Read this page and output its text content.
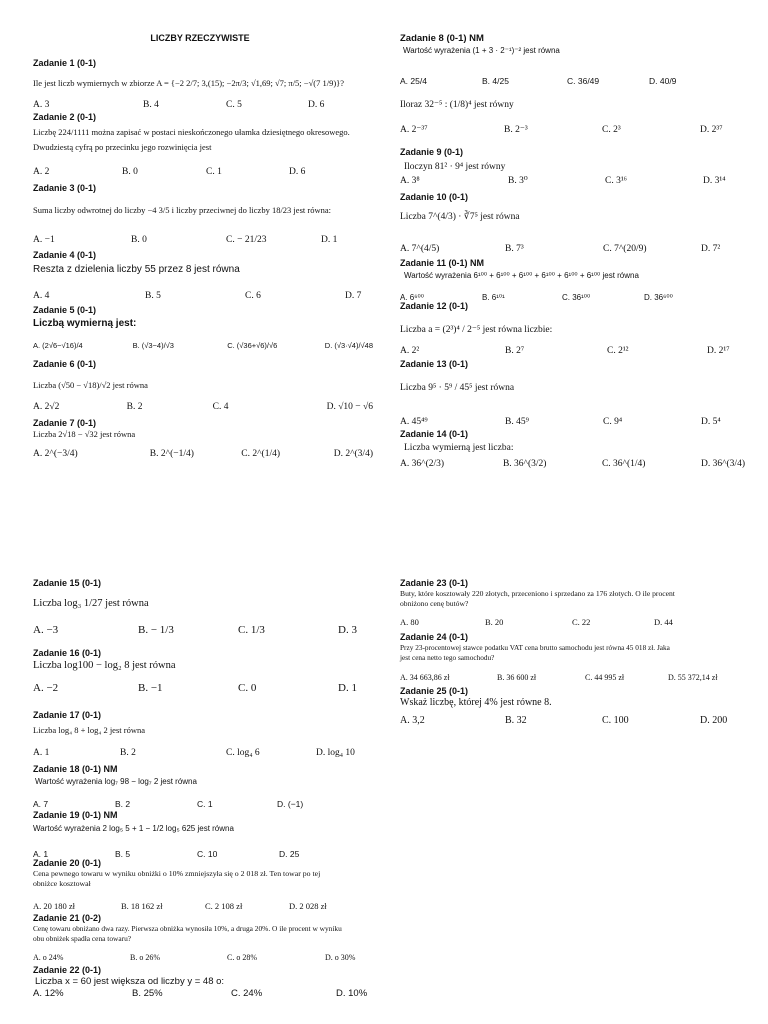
LICZBY RZECZYWISTE
Zadanie 1 (0-1)
Ile jest liczb wymiernych w zbiorze A = {−2 2/7; 3,(15); −2π/3; √1,69; √7; π/5; −√(7 1/9)}?
A. 3	B. 4	C. 5	D. 6
Zadanie 2 (0-1)
Liczbę 224/1111 można zapisać w postaci nieskończonego ułamka dziesiętnego okresowego.
Dwudziestą cyfrą po przecinku jego rozwinięcia jest
A. 2	B. 0	C. 1	D. 6
Zadanie 3 (0-1)
Suma liczby odwrotnej do liczby −4 3/5 i liczby przeciwnej do liczby 18/23 jest równa:
A. −1	B. 0	C. − 21/23	D. 1
Zadanie 4 (0-1)
Reszta z dzielenia liczby 55 przez 8 jest równa
A. 4	B. 5	C. 6	D. 7
Zadanie 5 (0-1)
Liczbą wymierną jest:
A. (2√6−√16)/4	B. (√3−4)/√3	C. (√36+√6)/√6	D. (√3·√4)/√48
Zadanie 6 (0-1)
Liczba (√50 − √18)/√2 jest równa
A. 2√2	B. 2	C. 4	D. √10 − √6
Zadanie 7 (0-1)
Liczba 2√18 − √32 jest równa
A. 2^(−3/4)	B. 2^(−1/4)	C. 2^(1/4)	D. 2^(3/4)
Zadanie 8 (0-1) NM
Wartość wyrażenia (1 + 3 · 2⁻¹)⁻² jest równa
A. 25/4	B. 4/25	C. 36/49	D. 40/9
Iloraz 32⁻⁵ : (1/8)⁴ jest równy
A. 2⁻³⁷	B. 2⁻³	C. 2³	D. 2³⁷
Zadanie 9 (0-1)
Iloczyn 81² · 9⁴ jest równy
A. 3⁸	B. 3⁰	C. 3¹⁶	D. 3¹⁴
Zadanie 10 (0-1)
Liczba 7^(4/3) · ∛7⁵ jest równa
A. 7^(4/5)	B. 7³	C. 7^(20/9)	D. 7²
Zadanie 11 (0-1) NM
Wartość wyrażenia 6¹⁰⁰ + 6¹⁰⁰ + 6¹⁰⁰ + 6¹⁰⁰ + 6¹⁰⁰ + 6¹⁰⁰ jest równa
A. 6⁶⁰⁰	B. 6¹⁰¹	C. 36¹⁰⁰	D. 36⁶⁰⁰
Zadanie 12 (0-1)
Liczba a = (2³)⁴ / 2⁻⁵ jest równa liczbie:
A. 2²	B. 2⁷	C. 2¹²	D. 2¹⁷
Zadanie 13 (0-1)
Liczba 9⁵ · 5⁹ / 45⁵ jest równa
A. 45⁴⁹	B. 45⁹	C. 9⁴	D. 5⁴
Zadanie 14 (0-1)
Liczba wymierną jest liczba:
A. 36^(2/3)	B. 36^(3/2)	C. 36^(1/4)	D. 36^(3/4)
Zadanie 15 (0-1)
Liczba log₃ 1/27 jest równa
A. −3	B. − 1/3	C. 1/3	D. 3
Zadanie 16 (0-1)
Liczba log100 − log₂ 8 jest równa
A. −2	B. −1	C. 0	D. 1
Zadanie 17 (0-1)
Liczba log₄ 8 + log₄ 2 jest równa
A. 1	B. 2	C. log₄ 6	D. log₄ 10
Zadanie 18 (0-1) NM
Wartość wyrażenia log₇ 98 − log₇ 2 jest równa
A. 7	B. 2	C. 1	D. (−1)
Zadanie 19 (0-1) NM
Wartość wyrażenia 2 log₅ 5 + 1 − 1/2 log₅ 625 jest równa
A. 1	B. 5	C. 10	D. 25
Zadanie 20 (0-1)
Cena pewnego towaru w wyniku obniżki o 10% zmniejszyła się o 2 018 zł. Ten towar po tej
obniżce kosztował
A. 20 180 zł	B. 18 162 zł	C. 2 108 zł	D. 2 028 zł
Zadanie 21 (0-2)
Cenę towaru obniżano dwa razy. Pierwsza obniżka wynosiła 10%, a druga 20%. O ile procent w wyniku
obu obniżek spadła cena towaru?
A. o 24%	B. o 26%	C. o 28%	D. o 30%
Zadanie 22 (0-1)
Liczba x = 60 jest większa od liczby y = 48 o:
A. 12%	B. 25%	C. 24%	D. 10%
Zadanie 23 (0-1)
Buty, które kosztowały 220 złotych, przeceniono i sprzedano za 176 złotych. O ile procent
obniżono cenę butów?
A. 80	B. 20	C. 22	D. 44
Zadanie 24 (0-1)
Przy 23-procentowej stawce podatku VAT cena brutto samochodu jest równa 45 018 zł. Jaka
jest cena netto tego samochodu?
A. 34 663,86 zł	B. 36 600 zł	C. 44 995 zł	D. 55 372,14 zł
Zadanie 25 (0-1)
Wskaż liczbę, której 4% jest równe 8.
A. 3,2	B. 32	C. 100	D. 200
